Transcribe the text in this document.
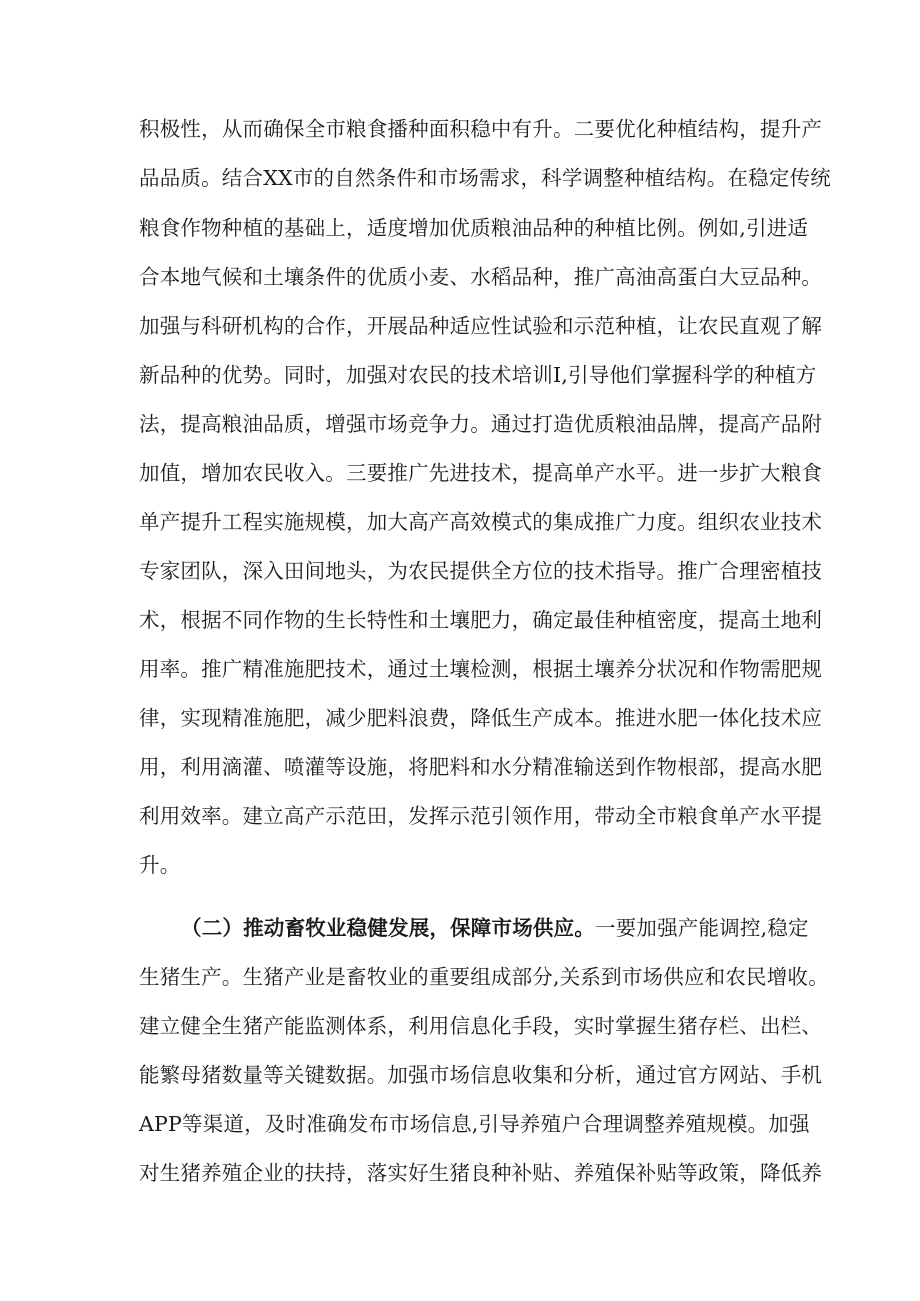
积极性，从而确保全市粮食播种面积稳中有升。二要优化种植结构，提升产
品品质。结合XX市的自然条件和市场需求，科学调整种植结构。在稳定传统
粮食作物种植的基础上，适度增加优质粮油品种的种植比例。例如,引进适
合本地气候和土壤条件的优质小麦、水稻品种，推广高油高蛋白大豆品种。
加强与科研机构的合作，开展品种适应性试验和示范种植，让农民直观了解
新品种的优势。同时，加强对农民的技术培训I,引导他们掌握科学的种植方
法，提高粮油品质，增强市场竞争力。通过打造优质粮油品牌，提高产品附
加值，增加农民收入。三要推广先进技术，提高单产水平。进一步扩大粮食
单产提升工程实施规模，加大高产高效模式的集成推广力度。组织农业技术
专家团队，深入田间地头，为农民提供全方位的技术指导。推广合理密植技
术，根据不同作物的生长特性和土壤肥力，确定最佳种植密度，提高土地利
用率。推广精准施肥技术，通过土壤检测，根据土壤养分状况和作物需肥规
律，实现精准施肥，减少肥料浪费，降低生产成本。推进水肥一体化技术应
用，利用滴灌、喷灌等设施，将肥料和水分精准输送到作物根部，提高水肥
利用效率。建立高产示范田，发挥示范引领作用，带动全市粮食单产水平提
升。
（二）推动畜牧业稳健发展，保障市场供应。一要加强产能调控,稳定
生猪生产。生猪产业是畜牧业的重要组成部分,关系到市场供应和农民增收。
建立健全生猪产能监测体系，利用信息化手段，实时掌握生猪存栏、出栏、
能繁母猪数量等关键数据。加强市场信息收集和分析，通过官方网站、手机
APP等渠道，及时准确发布市场信息,引导养殖户合理调整养殖规模。加强
对生猪养殖企业的扶持，落实好生猪良种补贴、养殖保补贴等政策，降低养
